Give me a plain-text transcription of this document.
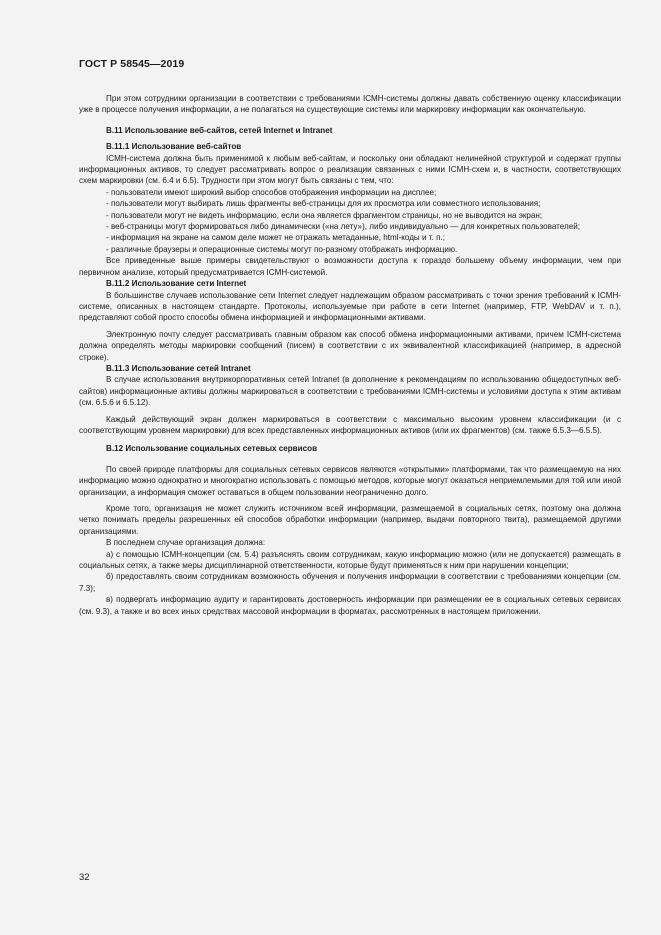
ГОСТ Р 58545—2019

При этом сотрудники организации в соответствии с требованиями ICMH-системы должны давать собственную оценку классификации уже в процессе получения информации, а не полагаться на существующие системы или маркировку информации как окончательную.

В.11 Использование веб-сайтов, сетей Internet и Intranet

В.11.1 Использование веб-сайтов

ICMH-система должна быть применимой к любым веб-сайтам, и поскольку они обладают нелинейной структурой и содержат группы информационных активов, то следует рассматривать вопрос о реализации связанных с ними ICMH-схем и, в частности, соответствующих схем маркировки (см. 6.4 и 6.5). Трудности при этом могут быть связаны с тем, что:

- пользователи имеют широкий выбор способов отображения информации на дисплее;

- пользователи могут выбирать лишь фрагменты веб-страницы для их просмотра или совместного использования;

- пользователи могут не видеть информацию, если она является фрагментом страницы, но не выводится на экран;

- веб-страницы могут формироваться либо динамически («на лету»), либо индивидуально — для конкретных пользователей;

- информация на экране на самом деле может не отражать метаданные, html-коды и т. п.;

- различные браузеры и операционные системы могут по-разному отображать информацию.

Все приведенные выше примеры свидетельствуют о возможности доступа к гораздо большему объему информации, чем при первичном анализе, который предусматривается ICMH-системой.

В.11.2 Использование сети Internet

В большинстве случаев использование сети Internet следует надлежащим образом рассматривать с точки зрения требований к ICMH-системе, описанных в настоящем стандарте. Протоколы, используемые при работе в сети Internet (например, FTP, WebDAV и т. п.), представляют собой просто способы обмена информацией и информационными активами.

Электронную почту следует рассматривать главным образом как способ обмена информационными активами, причем ICMH-система должна определять методы маркировки сообщений (писем) в соответствии с их эквивалентной классификацией (например, в адресной строке).

В.11.3 Использование сетей Intranet

В случае использования внутрикорпоративных сетей Intranet (в дополнение к рекомендациям по использованию общедоступных веб-сайтов) информационные активы должны маркироваться в соответствии с требованиями ICMH-системы и условиями доступа к этим активам (см. 6.5.6 и 6.5.12).

Каждый действующий экран должен маркироваться в соответствии с максимально высоким уровнем классификации (и с соответствующим уровнем маркировки) для всех представленных информационных активов (или их фрагментов) (см. также 6.5.3—6.5.5).

В.12 Использование социальных сетевых сервисов

По своей природе платформы для социальных сетевых сервисов являются «открытыми» платформами, так что размещаемую на них информацию можно однократно и многократно использовать с помощью методов, которые могут оказаться неприемлемыми для той или иной организации, а информация сможет оставаться в общем пользовании неограниченно долго.

Кроме того, организация не может служить источником всей информации, размещаемой в социальных сетях, поэтому она должна четко понимать пределы разрешенных ей способов обработки информации (например, выдачи повторного твита), размещаемой другими организациями.

В последнем случае организация должна:

а) с помощью ICMH-концепции (см. 5.4) разъяснять своим сотрудникам, какую информацию можно (или не допускается) размещать в социальных сетях, а также меры дисциплинарной ответственности, которые будут применяться к ним при нарушении концепции;

б) предоставлять своим сотрудникам возможность обучения и получения информации в соответствии с требованиями концепции (см. 7.3);

в) подвергать информацию аудиту и гарантировать достоверность информации при размещении ее в социальных сетевых сервисах (см. 9.3), а также и во всех иных средствах массовой информации в форматах, рассмотренных в настоящем приложении.

32
